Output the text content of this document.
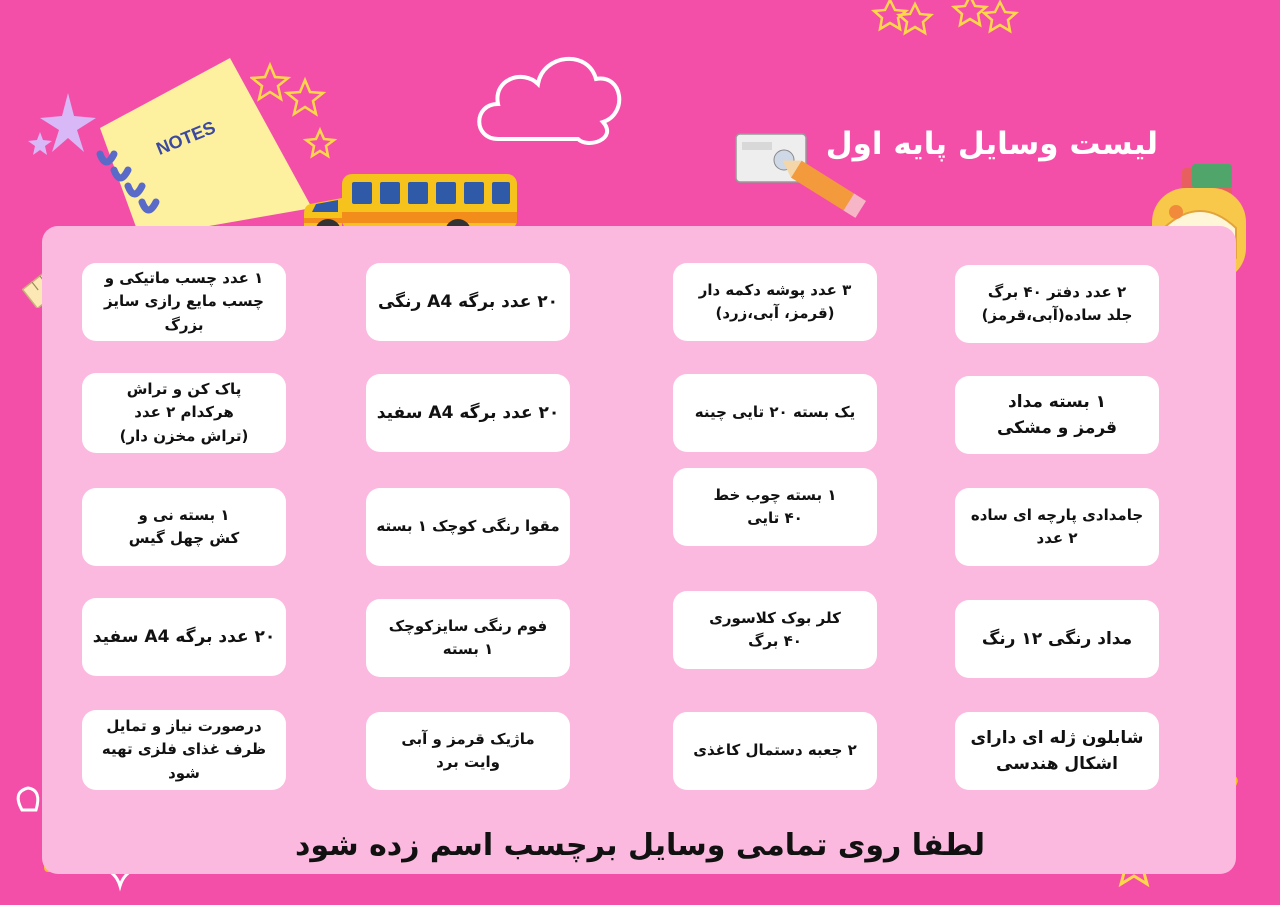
NOTES	لیست وسایل پایه اول
۲ عدد دفتر ۴۰ برگ
جلد ساده(آبی،قرمز)
۳ عدد پوشه دکمه دار
(قرمز، آبی،زرد)
۲۰ عدد برگه A4 رنگی
۱ عدد چسب ماتیکی و
چسب مایع رازی سایز بزرگ
۱ بسته مداد
قرمز و مشکی
یک بسته ۲۰ تایی چینه
۲۰ عدد برگه A4 سفید
پاک کن و تراش
هرکدام ۲ عدد
(تراش مخزن دار)
جامدادی پارچه ای ساده
۲ عدد
۱ بسته چوب خط
۴۰ تایی
مقوا رنگی کوچک ۱ بسته
۱ بسته نی و
کش چهل گیس
مداد رنگی ۱۲ رنگ
کلر بوک کلاسوری
۴۰ برگ
فوم رنگی سایزکوچک
۱ بسته
۲۰ عدد برگه A4 سفید
شابلون ژله ای دارای
اشکال هندسی
۲ جعبه دستمال کاغذی
ماژیک قرمز و آبی
وایت برد
درصورت نیاز و تمایل
ظرف غذای فلزی تهیه شود
لطفا روی تمامی وسایل برچسب اسم زده شود
